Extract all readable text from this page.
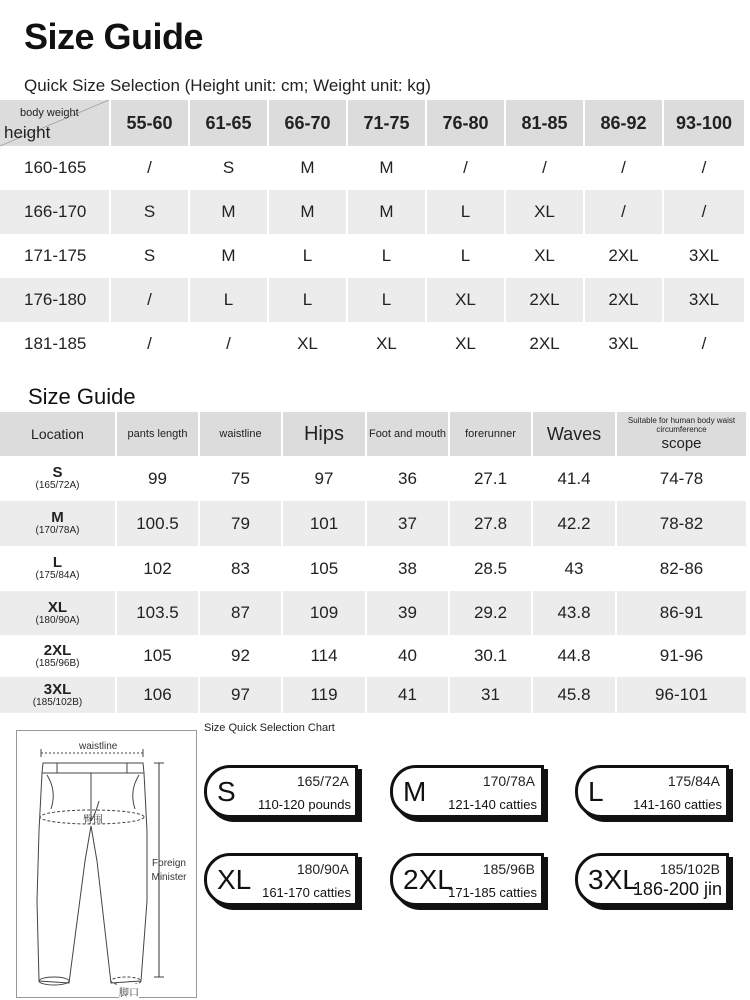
Size Guide
Quick Size Selection (Height unit: cm; Weight unit: kg)
body weight
height	55-60	61-65	66-70	71-75	76-80	81-85	86-92	93-100
160-165	/	S	M	M	/	/	/	/
166-170	S	M	M	M	L	XL	/	/
171-175	S	M	L	L	L	XL	2XL	3XL
176-180	/	L	L	L	XL	2XL	2XL	3XL
181-185	/	/	XL	XL	XL	2XL	3XL	/
Size Guide
Location	pants length	waistline	Hips	Foot and mouth	forerunner	Waves	Suitable for human body waist circumference
scope

S
(165/72A)	99	75	97	36	27.1	41.4	74-78

M
(170/78A)	100.5	79	101	37	27.8	42.2	78-82

L
(175/84A)	102	83	105	38	28.5	43	82-86

XL
(180/90A)	103.5	87	109	39	29.2	43.8	86-91

2XL
(185/96B)	105	92	114	40	30.1	44.8	91-96

3XL
(185/102B)	106	97	119	41	31	45.8	96-101
waistline
臀围
Foreign Minister
脚口
Size Quick Selection Chart
S	165/72A
110-120 pounds M	170/78A
121-140 catties L	175/84A
141-160 catties
XL	180/90A
161-170 catties 2XL 185/96B
171-185 catties 3XL 185/102B
186-200 jin
